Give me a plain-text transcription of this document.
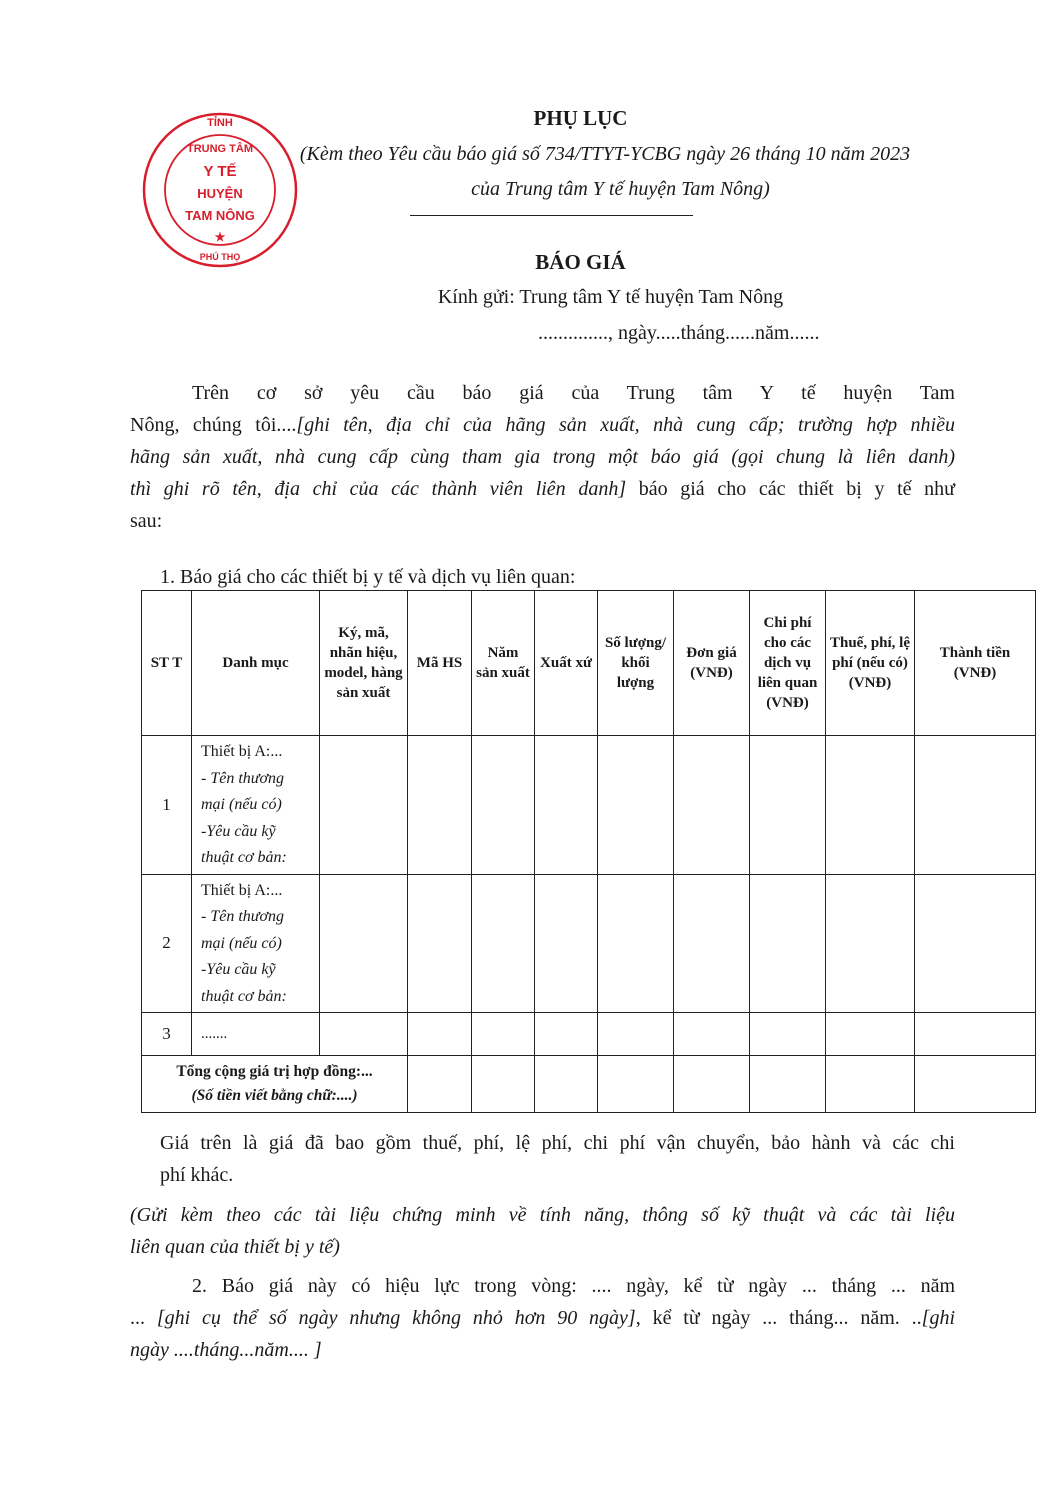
TỈNH
TRUNG TÂM
Y TẾ
HUYỆN
TAM NÔNG
PHÚ THỌ
★
PHỤ LỤC
(Kèm theo Yêu cầu báo giá số 734/TTYT-YCBG ngày 26 tháng 10 năm 2023
của Trung tâm Y tế huyện Tam Nông)
BÁO GIÁ
Kính gửi: Trung tâm Y tế huyện Tam Nông
.............., ngày.....tháng......năm......

Trên cơ sở yêu cầu báo giá của Trung tâm Y tế huyện Tam

Nông, chúng tôi....[ghi tên, địa chỉ của hãng sản xuất, nhà cung cấp; trường hợp nhiều

hãng sản xuất, nhà cung cấp cùng tham gia trong một báo giá (gọi chung là liên danh)

thì ghi rõ tên, địa chỉ của các thành viên liên danh] báo giá cho các thiết bị y tế như

sau:

1. Báo giá cho các thiết bị y tế và dịch vụ liên quan:
ST T	Danh mục	Ký, mã, nhãn hiệu, model, hàng sản xuất	Mã HS	Năm sản xuất	Xuất xứ	Số lượng/ khối lượng	Đơn giá (VNĐ)	Chi phí cho các dịch vụ liên quan (VNĐ)	Thuế, phí, lệ phí (nếu có) (VNĐ)	Thành tiền (VNĐ)
1	Thiết bị A:...
- Tên thương
mại (nếu có)
-Yêu cầu kỹ
thuật cơ bản:									

2	Thiết bị A:...
- Tên thương
mại (nếu có)
-Yêu cầu kỹ
thuật cơ bản:									

3	.......									

Tổng cộng giá trị hợp đồng:...
(Số tiền viết bằng chữ:....)										

Giá trên là giá đã bao gồm thuế, phí, lệ phí, chi phí vận chuyển, bảo hành và các chi

phí khác.

(Gửi kèm theo các tài liệu chứng minh về tính năng, thông số kỹ thuật và các tài liệu

liên quan của thiết bị y tế)

2. Báo giá này có hiệu lực trong vòng: .... ngày, kể từ ngày ... tháng ... năm

... [ghi cụ thể số ngày nhưng không nhỏ hơn 90 ngày], kể từ ngày ... tháng... năm. ..[ghi

ngày ....tháng...năm.... ]
